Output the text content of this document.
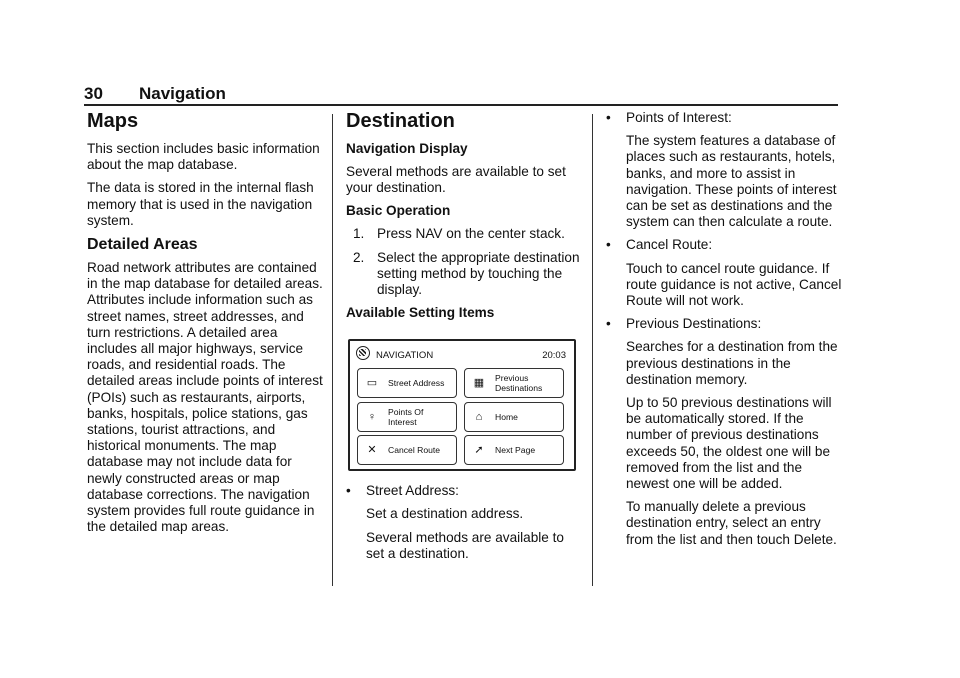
30 Navigation
Maps

This section includes basic information about the map database.

The data is stored in the internal flash memory that is used in the navigation system.

Detailed Areas

Road network attributes are contained in the map database for detailed areas. Attributes include information such as street names, street addresses, and turn restrictions. A detailed area includes all major highways, service roads, and residential roads. The detailed areas include points of interest (POIs) such as restaurants, airports, banks, hospitals, police stations, gas stations, tourist attractions, and historical monuments. The map database may not include data for newly constructed areas or map database corrections. The navigation system provides full route guidance in the detailed map areas.

Destination
Navigation Display

Several methods are available to set your destination.

Basic Operation
1. Press NAV on the center stack.
2. Select the appropriate destination setting method by touching the display.
Available Setting Items
NAVIGATION	20:03
▭ Street Address	▦ Previous
Destinations
♀	Points Of
Interest	⌂	Home
✕ Cancel Route	➚ Next Page
• Street Address:

Set a destination address.

Several methods are available to set a destination.

• Points of Interest:

The system features a database of places such as restaurants, hotels, banks, and more to assist in navigation. These points of interest can be set as destinations and the system can then calculate a route.

• Cancel Route:

Touch to cancel route guidance. If route guidance is not active, Cancel Route will not work.

• Previous Destinations:

Searches for a destination from the previous destinations in the destination memory.

Up to 50 previous destinations will be automatically stored. If the number of previous destinations exceeds 50, the oldest one will be removed from the list and the newest one will be added.

To manually delete a previous destination entry, select an entry from the list and then touch Delete.
